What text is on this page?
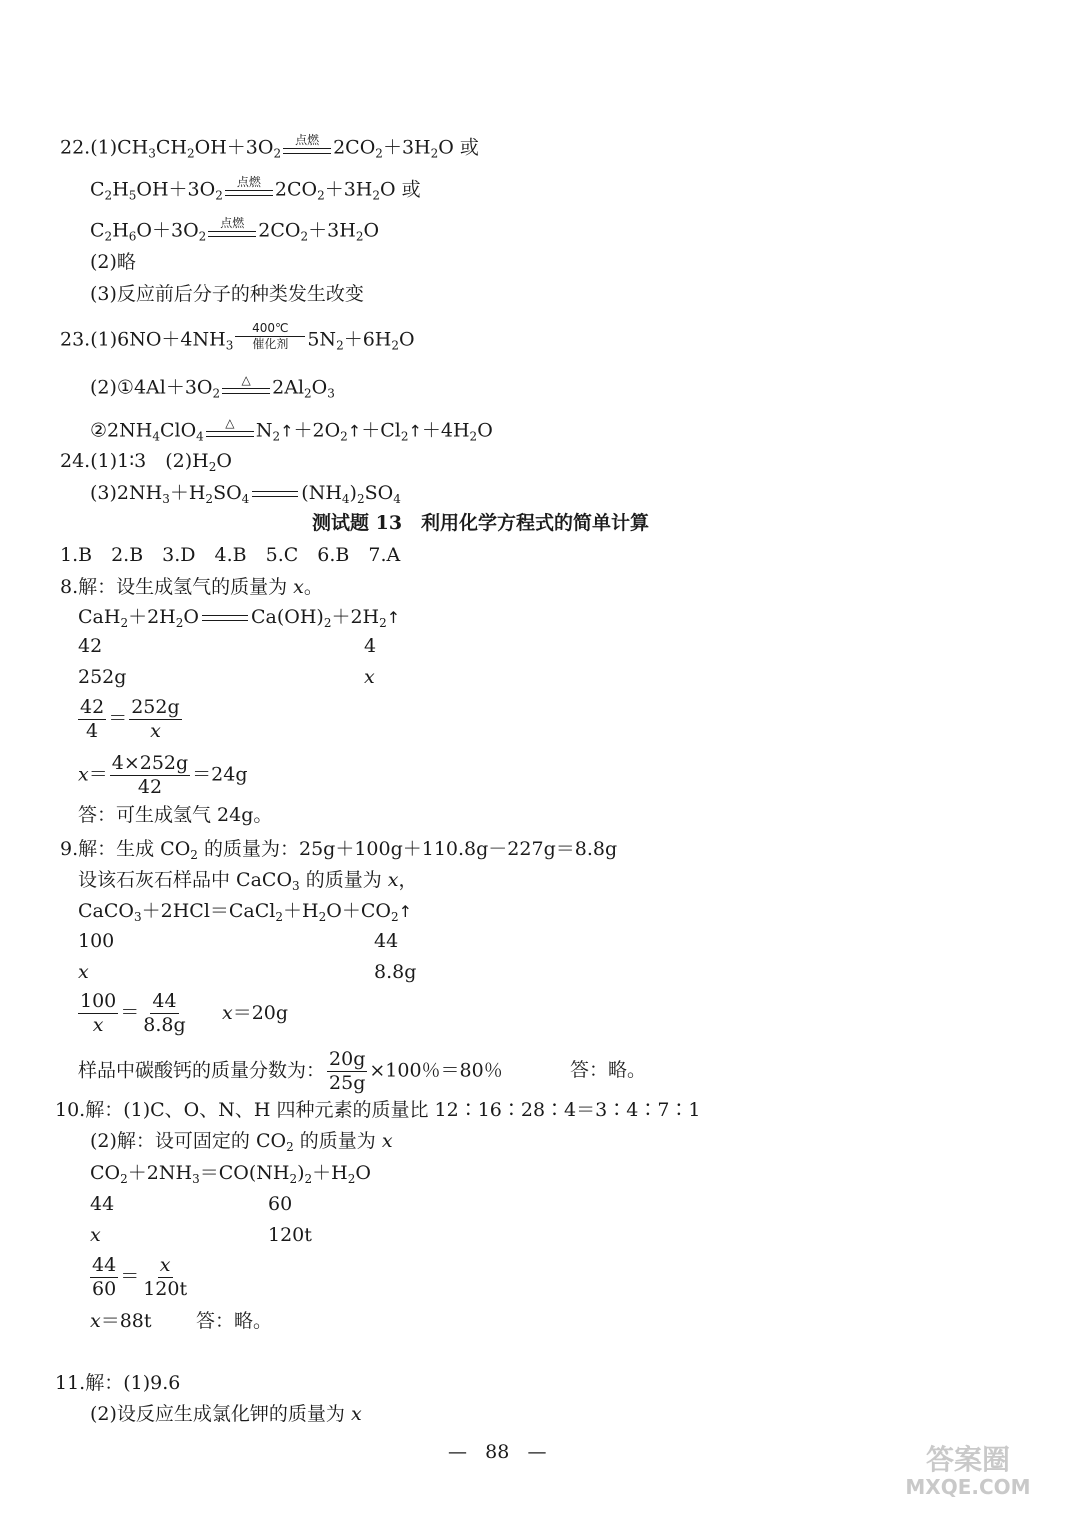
$22.(1)CH_3CH_2OH+3O_2$
点燃 $2CO_2+3H_2O$ 或
$C_2H_5OH+3O_2$
点燃 $2CO_2+3H_2O$ 或
$C_2H_6O+3O_2$
点燃 $2CO_2+3H_2O$
(2)略
(3)反应前后分子的种类发生改变
$23.(1)6NO+4NH_3$
400℃
催化剂 $5N_2+6H_2O$
$(2)①4Al+3O_2$
△ $2Al_2O_3$
$②2NH_4ClO_4$
△ $N_2↑+2O_2↑+Cl_2↑+4H_2O$
24.(1)1∶3　$(2)H_2O$
$(3)2NH_3+H_2SO_4$	$(NH_4)_2SO_4$
测试题 13　利用化学方程式的简单计算
1.B　2.B　3.D　4.B　5.C　6.B　7.A
8.解：设生成氢气的质量为 x。
$CaH_2+2H_2O$	$Ca(OH)_2+2H_2↑$
42	4
252g	x
$\frac{42}{4} = \frac{252g}{x}$
$x= \frac{4\times 252g}{42} =24g$
答：可生成氢气 24g。
9.解：生成 $CO_2$ 的质量为：25g＋100g＋110.8g－227g＝8.8g
设该石灰石样品中 CaCO$_3$ 的质量为 x，
$CaCO_3+2HCl=CaCl_2+H_2O+CO_2↑$
100	44
x	8.8g
$\frac{100}{x} = \frac{44}{8.8g} x=20g$
样品中碳酸钙的质量分数为： $\frac{20g}{25g} \times 100$％＝80％	答：略。
10.解：(1)C、O、N、H 四种元素的质量比 12∶16∶28∶4＝3∶4∶7∶1
(2)解：设可固定的 $CO_2$ 的质量为 x
$CO_2+2NH_3=CO(NH_2)_2+H_2O$
44	60
x	120t
$\frac{44}{60} = \frac{x}{120t}$
x＝88t 答：略。
11.解：(1)9.6
(2)设反应生成氯化钾的质量为 x
— 88 —	答案圈
MXQE.COM
